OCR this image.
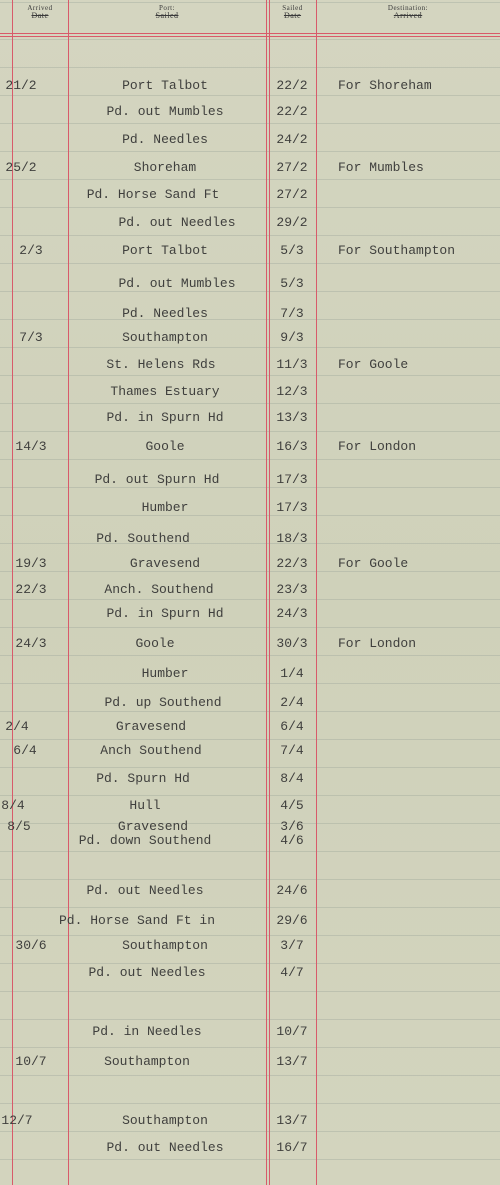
Arrived
Date
Port:
Sailed
Sailed
Date
Destination:
Arrived
21/2	Port Talbot	22/2	For Shoreham
Pd. out Mumbles	22/2
Pd. Needles	24/2
25/2	Shoreham	27/2	For Mumbles
Pd. Horse Sand Ft	27/2
Pd. out Needles	29/2
2/3	Port Talbot	5/3	For Southampton
Pd. out Mumbles	5/3
Pd. Needles	7/3
7/3	Southampton	9/3
St. Helens Rds	11/3	For Goole
Thames Estuary	12/3
Pd. in Spurn Hd	13/3
14/3	Goole	16/3	For London
Pd. out Spurn Hd	17/3
Humber	17/3
Pd. Southend	18/3
19/3	Gravesend	22/3	For Goole
22/3	Anch. Southend	23/3
Pd. in Spurn Hd	24/3
24/3	Goole	30/3	For London
Humber	1/4
Pd. up Southend	2/4
2/4	Gravesend	6/4
6/4	Anch Southend	7/4
Pd. Spurn Hd	8/4
8/4	Hull	4/5
8/5	Gravesend	3/6
Pd. down Southend	4/6
Pd. out Needles	24/6
Pd. Horse Sand Ft in	29/6
30/6	Southampton	3/7
Pd. out Needles	4/7
Pd. in Needles	10/7
10/7	Southampton	13/7
12/7	Southampton	13/7
Pd. out Needles	16/7
